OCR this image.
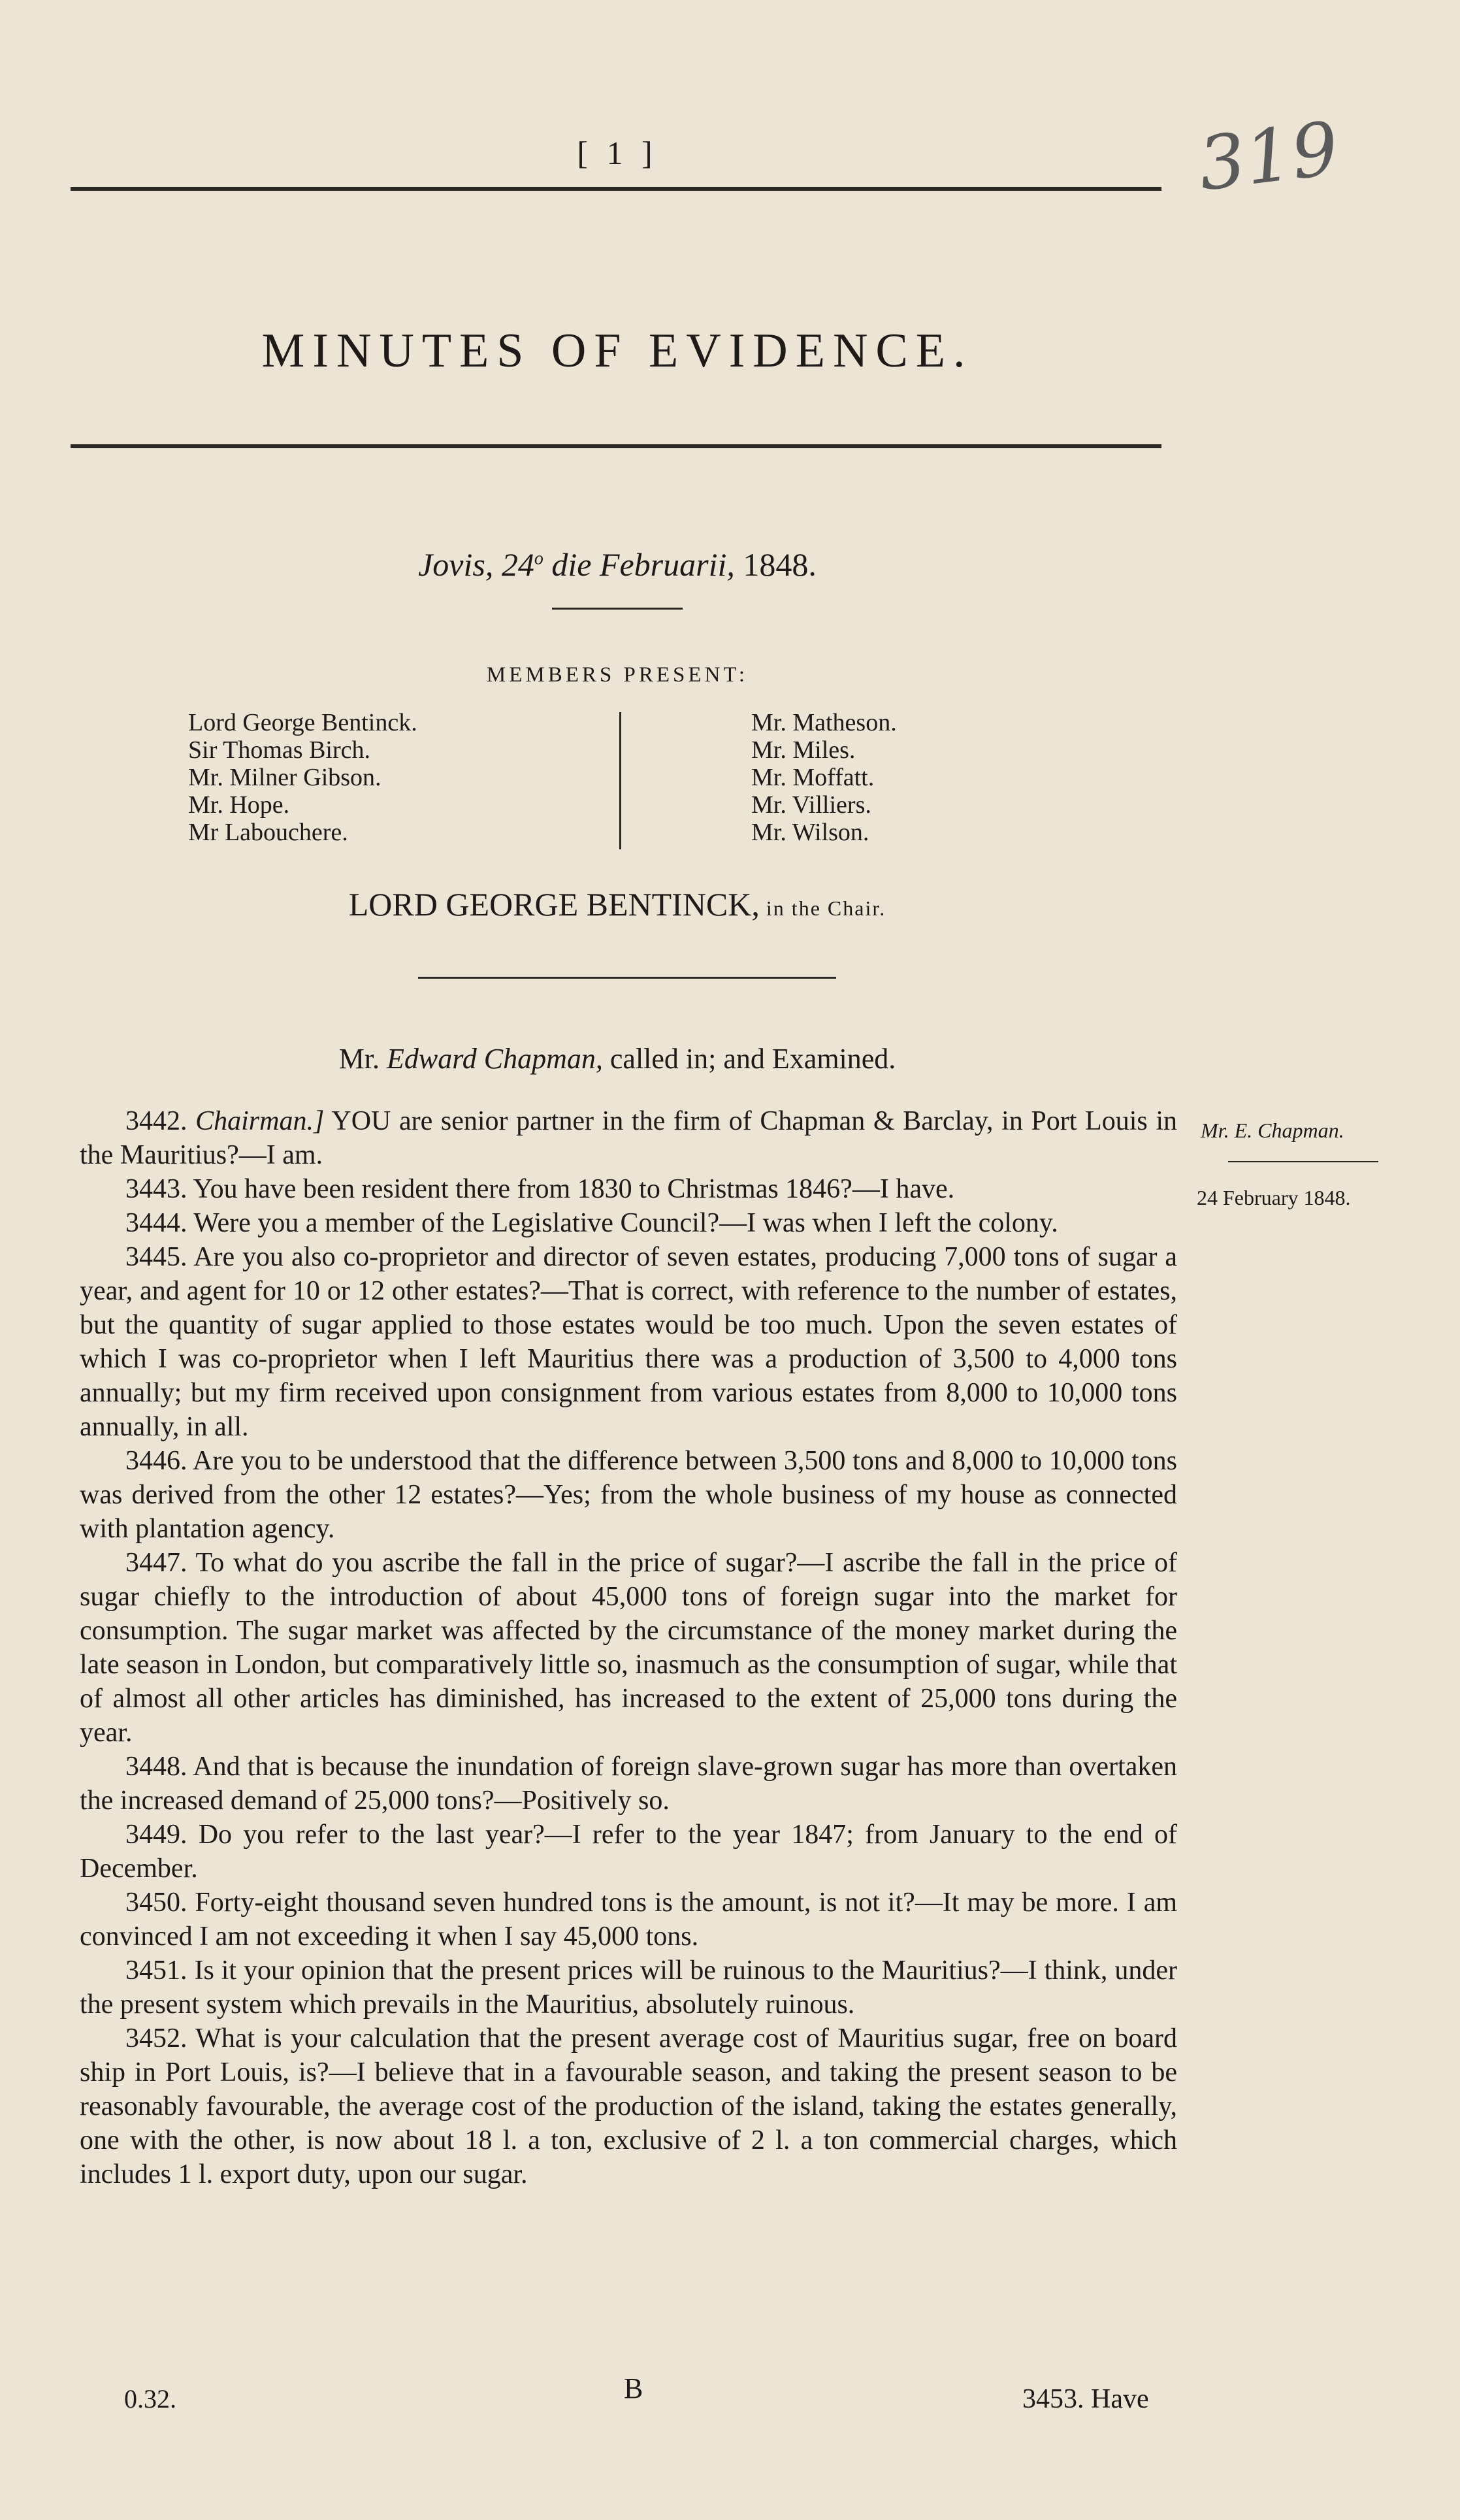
[ 1 ]	319
MINUTES OF EVIDENCE.
Jovis, 24$^o$ die Februarii, 1848.
MEMBERS PRESENT:
Lord George Bentinck.
Sir Thomas Birch.
Mr. Milner Gibson.
Mr. Hope.
Mr Labouchere.
Mr. Matheson.
Mr. Miles.
Mr. Moffatt.
Mr. Villiers.
Mr. Wilson.
LORD GEORGE BENTINCK, in the Chair.
Mr. Edward Chapman, called in; and Examined.
Mr. E. Chapman.
24 February 1848.

3442. Chairman.] YOU are senior partner in the firm of Chapman & Barclay, in Port Louis in the Mauritius?—I am.

3443. You have been resident there from 1830 to Christmas 1846?—I have.

3444. Were you a member of the Legislative Council?—I was when I left the colony.

3445. Are you also co-proprietor and director of seven estates, producing 7,000 tons of sugar a year, and agent for 10 or 12 other estates?—That is correct, with reference to the number of estates, but the quantity of sugar applied to those estates would be too much. Upon the seven estates of which I was co-proprietor when I left Mauritius there was a production of 3,500 to 4,000 tons annually; but my firm received upon consignment from various estates from 8,000 to 10,000 tons annually, in all.

3446. Are you to be understood that the difference between 3,500 tons and 8,000 to 10,000 tons was derived from the other 12 estates?—Yes; from the whole business of my house as connected with plantation agency.

3447. To what do you ascribe the fall in the price of sugar?—I ascribe the fall in the price of sugar chiefly to the introduction of about 45,000 tons of foreign sugar into the market for consumption. The sugar market was affected by the circumstance of the money market during the late season in London, but comparatively little so, inasmuch as the consumption of sugar, while that of almost all other articles has diminished, has increased to the extent of 25,000 tons during the year.

3448. And that is because the inundation of foreign slave-grown sugar has more than overtaken the increased demand of 25,000 tons?—Positively so.

3449. Do you refer to the last year?—I refer to the year 1847; from January to the end of December.

3450. Forty-eight thousand seven hundred tons is the amount, is not it?—It may be more. I am convinced I am not exceeding it when I say 45,000 tons.

3451. Is it your opinion that the present prices will be ruinous to the Mauritius?—I think, under the present system which prevails in the Mauritius, absolutely ruinous.

3452. What is your calculation that the present average cost of Mauritius sugar, free on board ship in Port Louis, is?—I believe that in a favourable season, and taking the present season to be reasonably favourable, the average cost of the production of the island, taking the estates generally, one with the other, is now about 18 l. a ton, exclusive of 2 l. a ton commercial charges, which includes 1 l. export duty, upon our sugar.

0.32.	B	3453. Have
